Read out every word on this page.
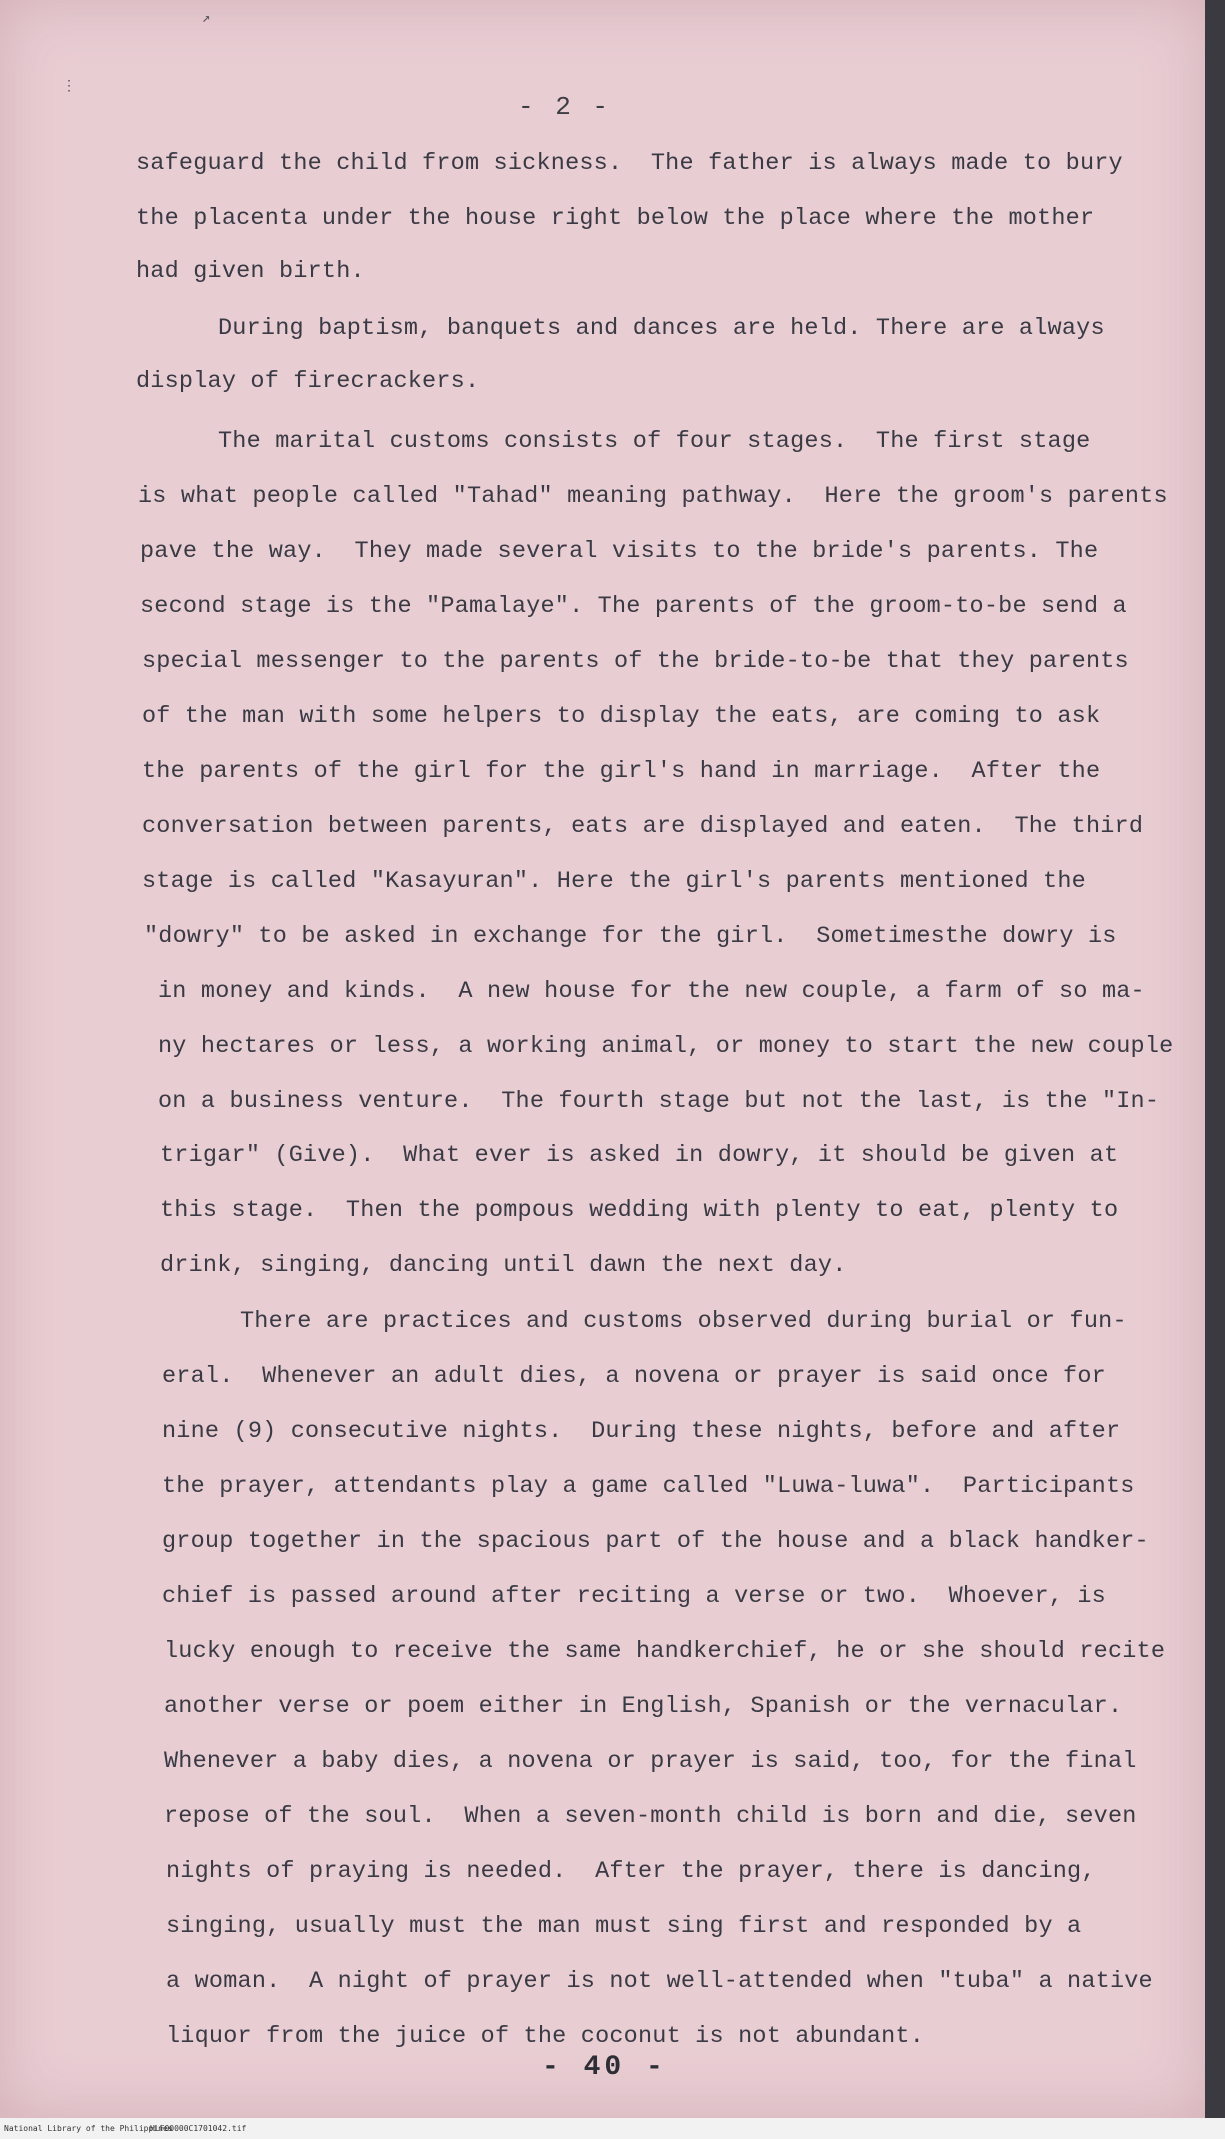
↗
⋮
- 2 -
safeguard the child from sickness.  The father is always made to bury
the placenta under the house right below the place where the mother
had given birth.
During baptism, banquets and dances are held. There are always
display of firecrackers.
The marital customs consists of four stages.  The first stage
is what people called "Tahad" meaning pathway.  Here the groom's parents
pave the way.  They made several visits to the bride's parents. The
second stage is the "Pamalaye". The parents of the groom-to-be send a
special messenger to the parents of the bride-to-be that they parents
of the man with some helpers to display the eats, are coming to ask
the parents of the girl for the girl's hand in marriage.  After the
conversation between parents, eats are displayed and eaten.  The third
stage is called "Kasayuran". Here the girl's parents mentioned the
"dowry" to be asked in exchange for the girl.  Sometimesthe dowry is
in money and kinds.  A new house for the new couple, a farm of so ma-
ny hectares or less, a working animal, or money to start the new couple
on a business venture.  The fourth stage but not the last, is the "In-
trigar" (Give).  What ever is asked in dowry, it should be given at
this stage.  Then the pompous wedding with plenty to eat, plenty to
drink, singing, dancing until dawn the next day.
There are practices and customs observed during burial or fun-
eral.  Whenever an adult dies, a novena or prayer is said once for
nine (9) consecutive nights.  During these nights, before and after
the prayer, attendants play a game called "Luwa-luwa".  Participants
group together in the spacious part of the house and a black handker-
chief is passed around after reciting a verse or two.  Whoever, is
lucky enough to receive the same handkerchief, he or she should recite
another verse or poem either in English, Spanish or the vernacular.
Whenever a baby dies, a novena or prayer is said, too, for the final
repose of the soul.  When a seven-month child is born and die, seven
nights of praying is needed.  After the prayer, there is dancing,
singing, usually must the man must sing first and responded by a
a woman.  A night of prayer is not well-attended when "tuba" a native
liquor from the juice of the coconut is not abundant.
- 40 -
National Library of the Philippines
HLF00000C1701042.tif
